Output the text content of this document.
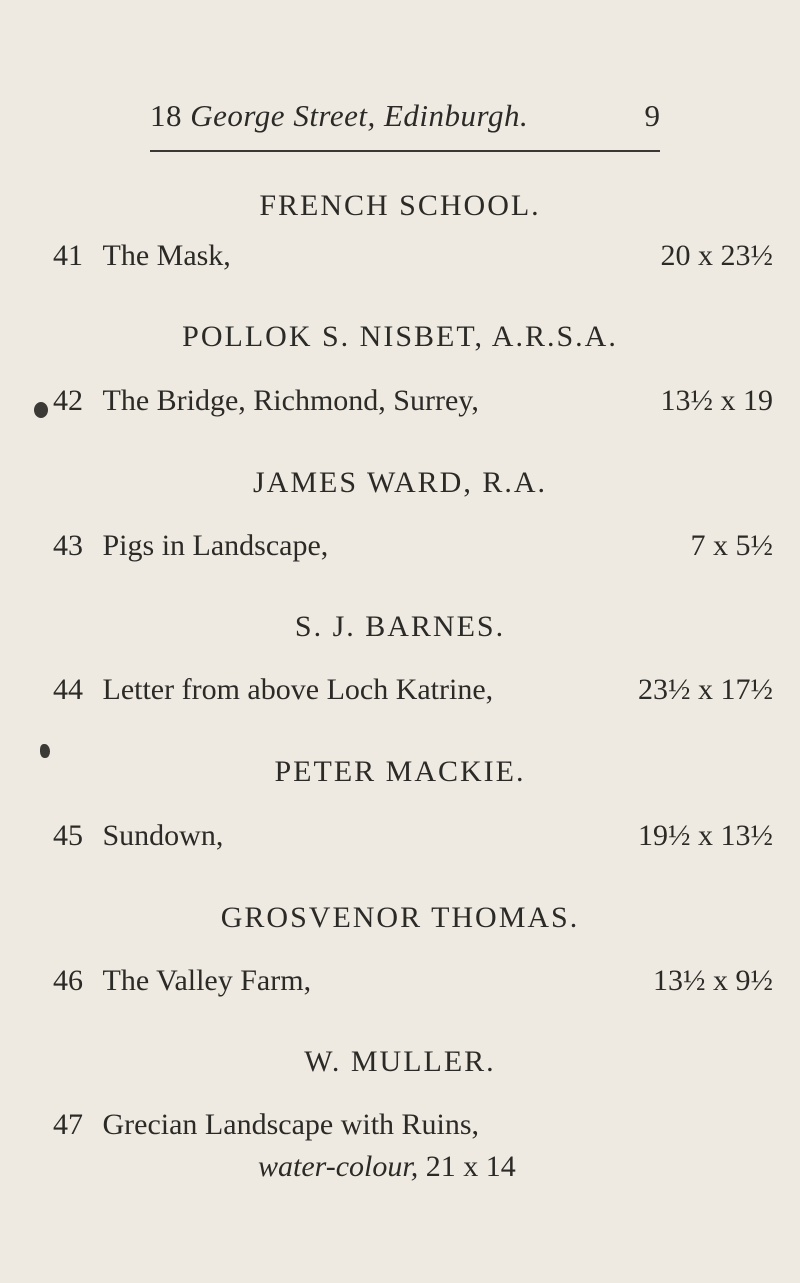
18 George Street, Edinburgh.	9
FRENCH SCHOOL.
41 The Mask,	20 x 23½
POLLOK S. NISBET, A.R.S.A.
42 The Bridge, Richmond, Surrey,	13½ x 19
JAMES WARD, R.A.
43 Pigs in Landscape,	7 x 5½
S. J. BARNES.
44 Letter from above Loch Katrine,	23½ x 17½
PETER MACKIE.
45 Sundown,	19½ x 13½
GROSVENOR THOMAS.
46 The Valley Farm,	13½ x 9½
W. MULLER.
47 Grecian Landscape with Ruins,
water-colour, 21 x 14
